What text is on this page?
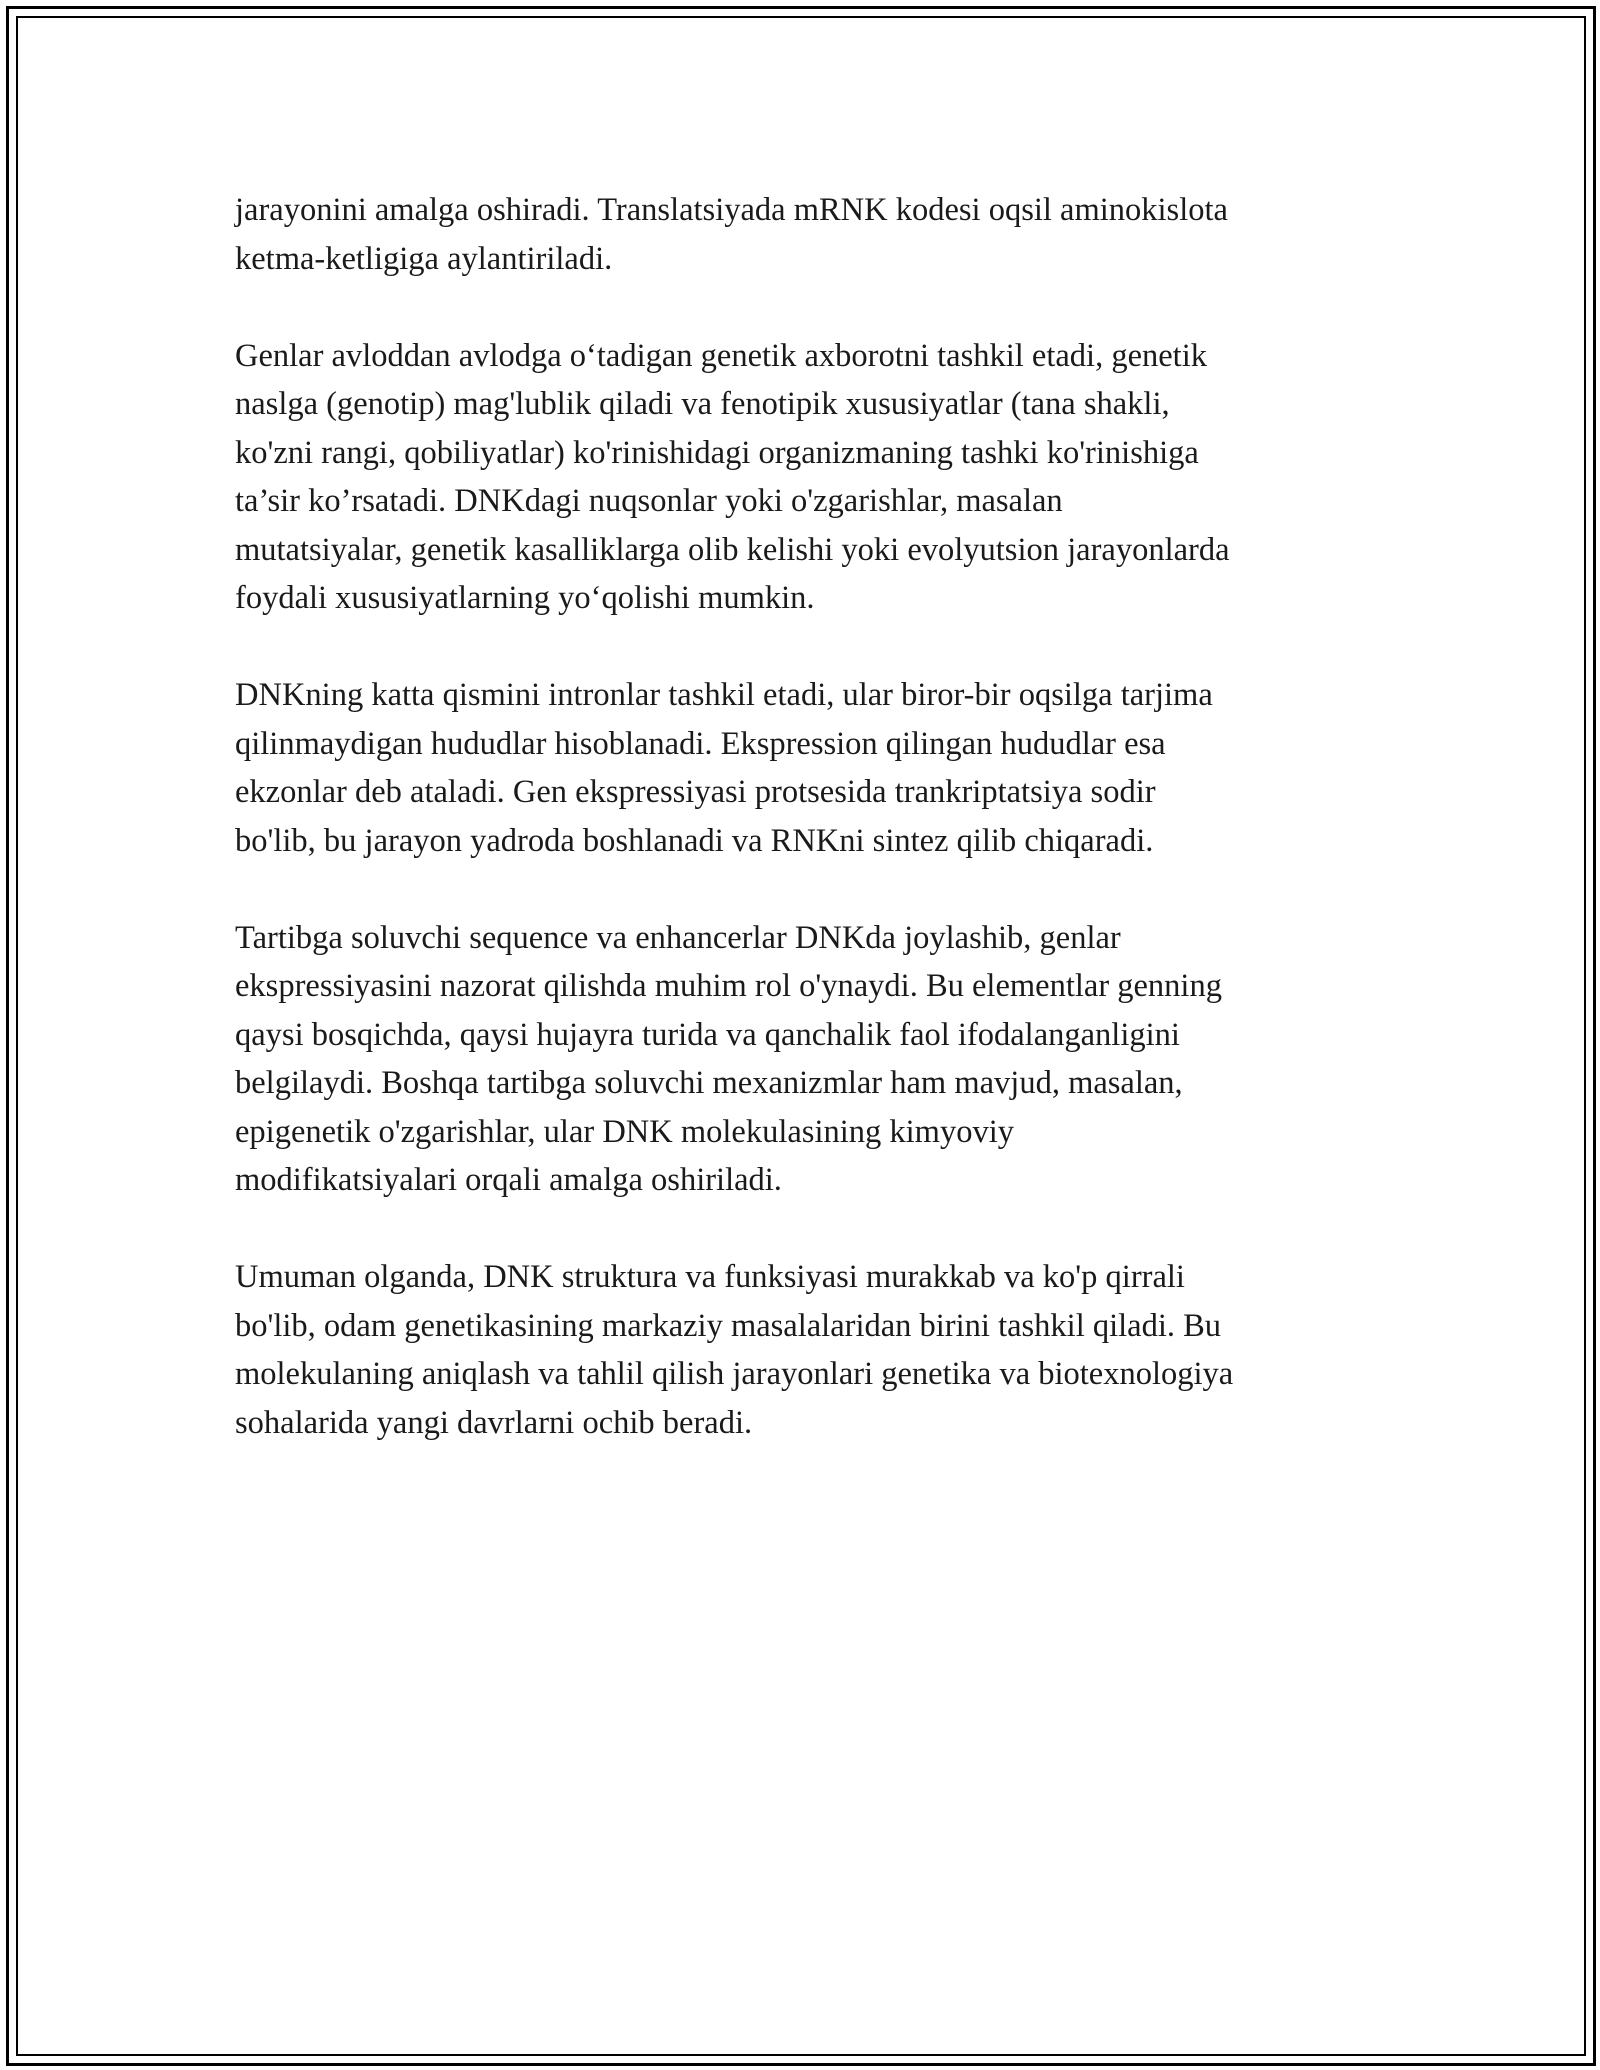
jarayonini amalga oshiradi. Translatsiyada mRNK kodesi oqsil aminokislota
ketma-ketligiga aylantiriladi.

Genlar avloddan avlodga o‘tadigan genetik axborotni tashkil etadi, genetik
naslga (genotip) mag'lublik qiladi va fenotipik xususiyatlar (tana shakli,
ko'zni rangi, qobiliyatlar) ko'rinishidagi organizmaning tashki ko'rinishiga
ta’sir ko’rsatadi. DNKdagi nuqsonlar yoki o'zgarishlar, masalan
mutatsiyalar, genetik kasalliklarga olib kelishi yoki evolyutsion jarayonlarda
foydali xususiyatlarning yo‘qolishi mumkin.

DNKning katta qismini intronlar tashkil etadi, ular biror-bir oqsilga tarjima
qilinmaydigan hududlar hisoblanadi. Ekspression qilingan hududlar esa
ekzonlar deb ataladi. Gen ekspressiyasi protsesida trankriptatsiya sodir
bo'lib, bu jarayon yadroda boshlanadi va RNKni sintez qilib chiqaradi.

Tartibga soluvchi sequence va enhancerlar DNKda joylashib, genlar
ekspressiyasini nazorat qilishda muhim rol o'ynaydi. Bu elementlar genning
qaysi bosqichda, qaysi hujayra turida va qanchalik faol ifodalanganligini
belgilaydi. Boshqa tartibga soluvchi mexanizmlar ham mavjud, masalan,
epigenetik o'zgarishlar, ular DNK molekulasining kimyoviy
modifikatsiyalari orqali amalga oshiriladi.

Umuman olganda, DNK struktura va funksiyasi murakkab va ko'p qirrali
bo'lib, odam genetikasining markaziy masalalaridan birini tashkil qiladi. Bu
molekulaning aniqlash va tahlil qilish jarayonlari genetika va biotexnologiya
sohalarida yangi davrlarni ochib beradi.
